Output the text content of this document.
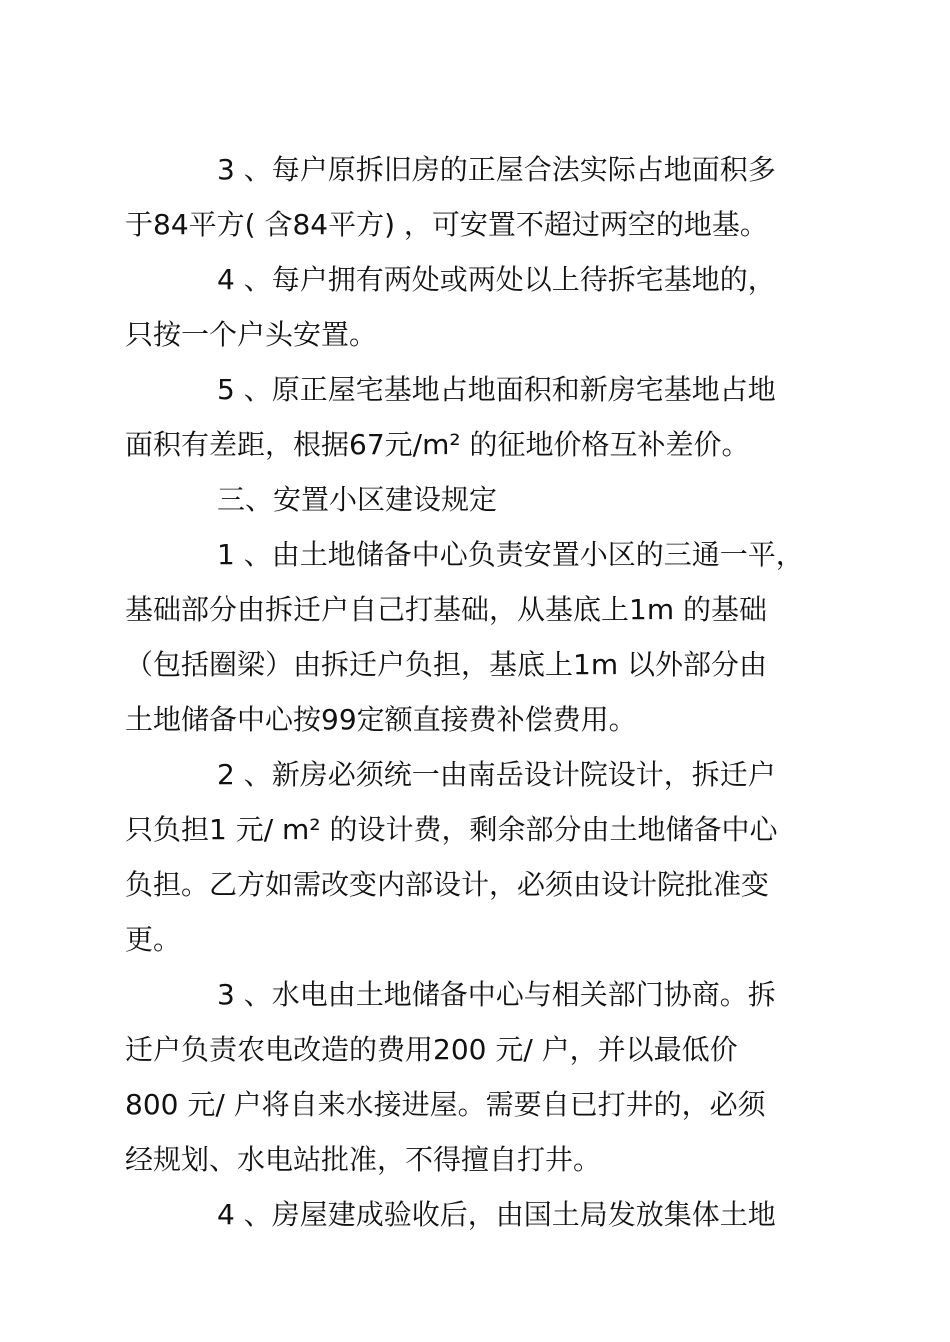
3 、每户原拆旧房的正屋合法实际占地面积多
于84平方( 含84平方) ，可安置不超过两空的地基。
4 、每户拥有两处或两处以上待拆宅基地的，
只按一个户头安置。
5 、原正屋宅基地占地面积和新房宅基地占地
面积有差距，根据67元/m² 的征地价格互补差价。
三、安置小区建设规定
1 、由土地储备中心负责安置小区的三通一平，
基础部分由拆迁户自己打基础，从基底上1m 的基础
（包括圈梁）由拆迁户负担，基底上1m 以外部分由
土地储备中心按99定额直接费补偿费用。
2 、新房必须统一由南岳设计院设计，拆迁户
只负担1 元/ m² 的设计费，剩余部分由土地储备中心
负担。乙方如需改变内部设计，必须由设计院批准变
更。
3 、水电由土地储备中心与相关部门协商。拆
迁户负责农电改造的费用200 元/ 户，并以最低价
800 元/ 户将自来水接进屋。需要自已打井的，必须
经规划、水电站批准，不得擅自打井。
4 、房屋建成验收后，由国土局发放集体土地
